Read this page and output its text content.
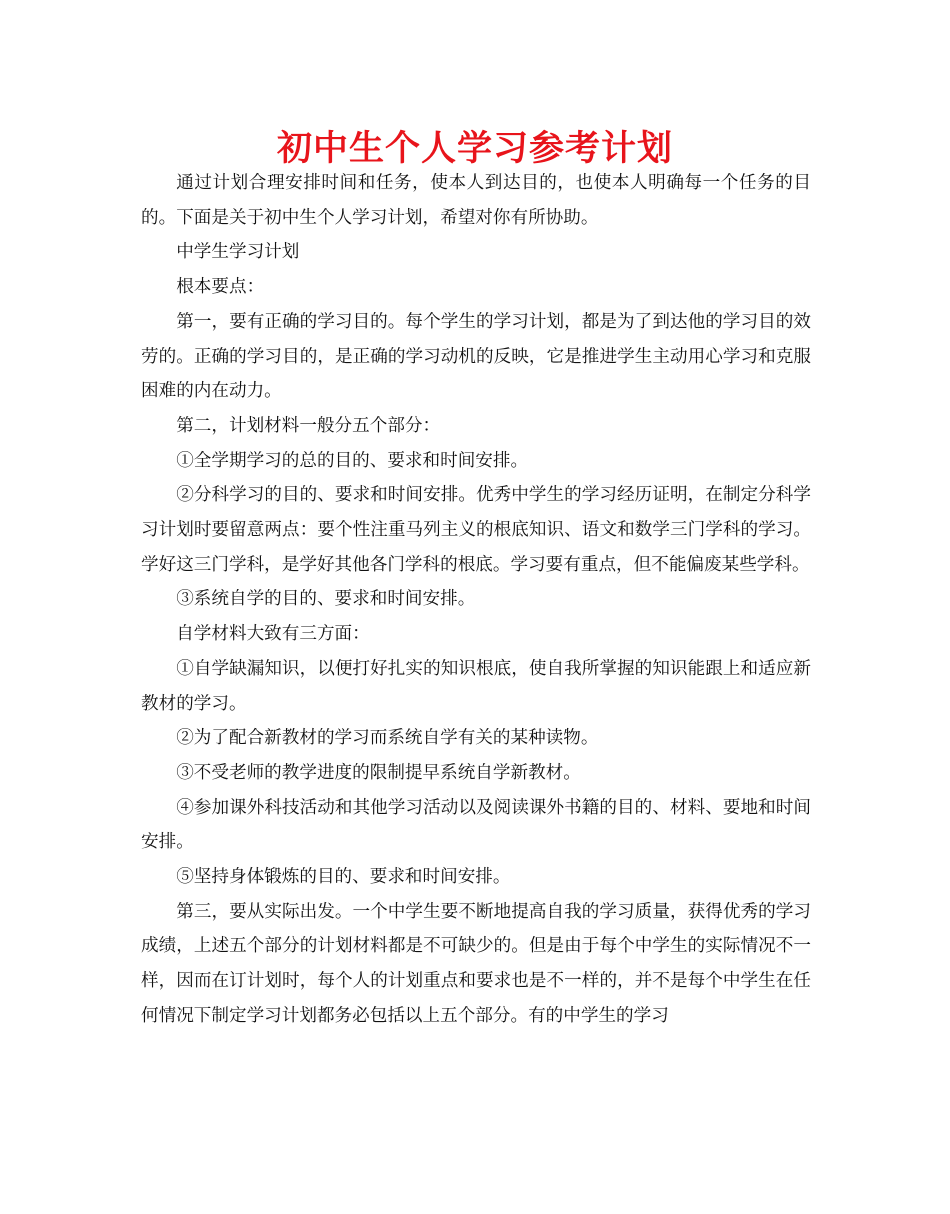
初中生个人学习参考计划

通过计划合理安排时间和任务，使本人到达目的，也使本人明确每一个任务的目的。下面是关于初中生个人学习计划，希望对你有所协助。

中学生学习计划

根本要点：

第一，要有正确的学习目的。每个学生的学习计划，都是为了到达他的学习目的效劳的。正确的学习目的，是正确的学习动机的反映，它是推进学生主动用心学习和克服困难的内在动力。

第二，计划材料一般分五个部分：

①全学期学习的总的目的、要求和时间安排。

②分科学习的目的、要求和时间安排。优秀中学生的学习经历证明，在制定分科学习计划时要留意两点：要个性注重马列主义的根底知识、语文和数学三门学科的学习。学好这三门学科，是学好其他各门学科的根底。学习要有重点，但不能偏废某些学科。

③系统自学的目的、要求和时间安排。

自学材料大致有三方面：

①自学缺漏知识，以便打好扎实的知识根底，使自我所掌握的知识能跟上和适应新教材的学习。

②为了配合新教材的学习而系统自学有关的某种读物。

③不受老师的教学进度的限制提早系统自学新教材。

④参加课外科技活动和其他学习活动以及阅读课外书籍的目的、材料、要地和时间安排。

⑤坚持身体锻炼的目的、要求和时间安排。

第三，要从实际出发。一个中学生要不断地提高自我的学习质量，获得优秀的学习成绩，上述五个部分的计划材料都是不可缺少的。但是由于每个中学生的实际情况不一样，因而在订计划时，每个人的计划重点和要求也是不一样的，并不是每个中学生在任何情况下制定学习计划都务必包括以上五个部分。有的中学生的学习
